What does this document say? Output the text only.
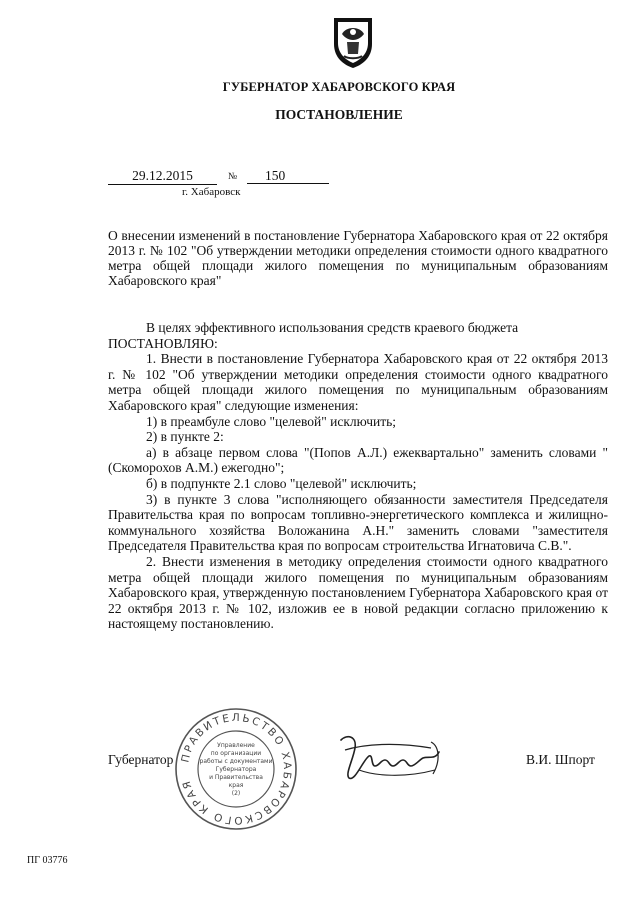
ГУБЕРНАТОР ХАБАРОВСКОГО КРАЯ
ПОСТАНОВЛЕНИЕ
29.12.2015	№	150
г. Хабаровск
О внесении изменений в постановление Губернатора Хабаровского края от 22 октября 2013 г. № 102 "Об утверждении методики определения стоимости одного квадратного метра общей площади жилого помещения по муниципальным образованиям Хабаровского края"

В целях эффективного использования средств краевого бюджета

ПОСТАНОВЛЯЮ:

1. Внести в постановление Губернатора Хабаровского края от 22 октября 2013 г. № 102 "Об утверждении методики определения стоимости одного квадратного метра общей площади жилого помещения по муниципальным образованиям Хабаровского края" следующие изменения:

1) в преамбуле слово "целевой" исключить;

2) в пункте 2:

а) в абзаце первом слова "(Попов А.Л.) ежеквартально" заменить словами "(Скоморохов А.М.) ежегодно";

б) в подпункте 2.1 слово "целевой" исключить;

3) в пункте 3 слова "исполняющего обязанности заместителя Председателя Правительства края по вопросам топливно-энергетического комплекса и жилищно-коммунального хозяйства Воложанина А.Н." заменить словами "заместителя Председателя Правительства края по вопросам строительства Игнатовича С.В.".

2. Внести изменения в методику определения стоимости одного квадратного метра общей площади жилого помещения по муниципальным образованиям Хабаровского края, утвержденную постановлением Губернатора Хабаровского края от 22 октября 2013 г. № 102, изложив ее в новой редакции согласно приложению к настоящему постановлению.

Губернатор ПРАВИТЕЛЬСТВО ХАБАРОВСКОГО КРАЯ
Управление
по организации
работы с документами
Губернатора
и Правительства
края
(2)
В.И. Шпорт
ПГ 03776
